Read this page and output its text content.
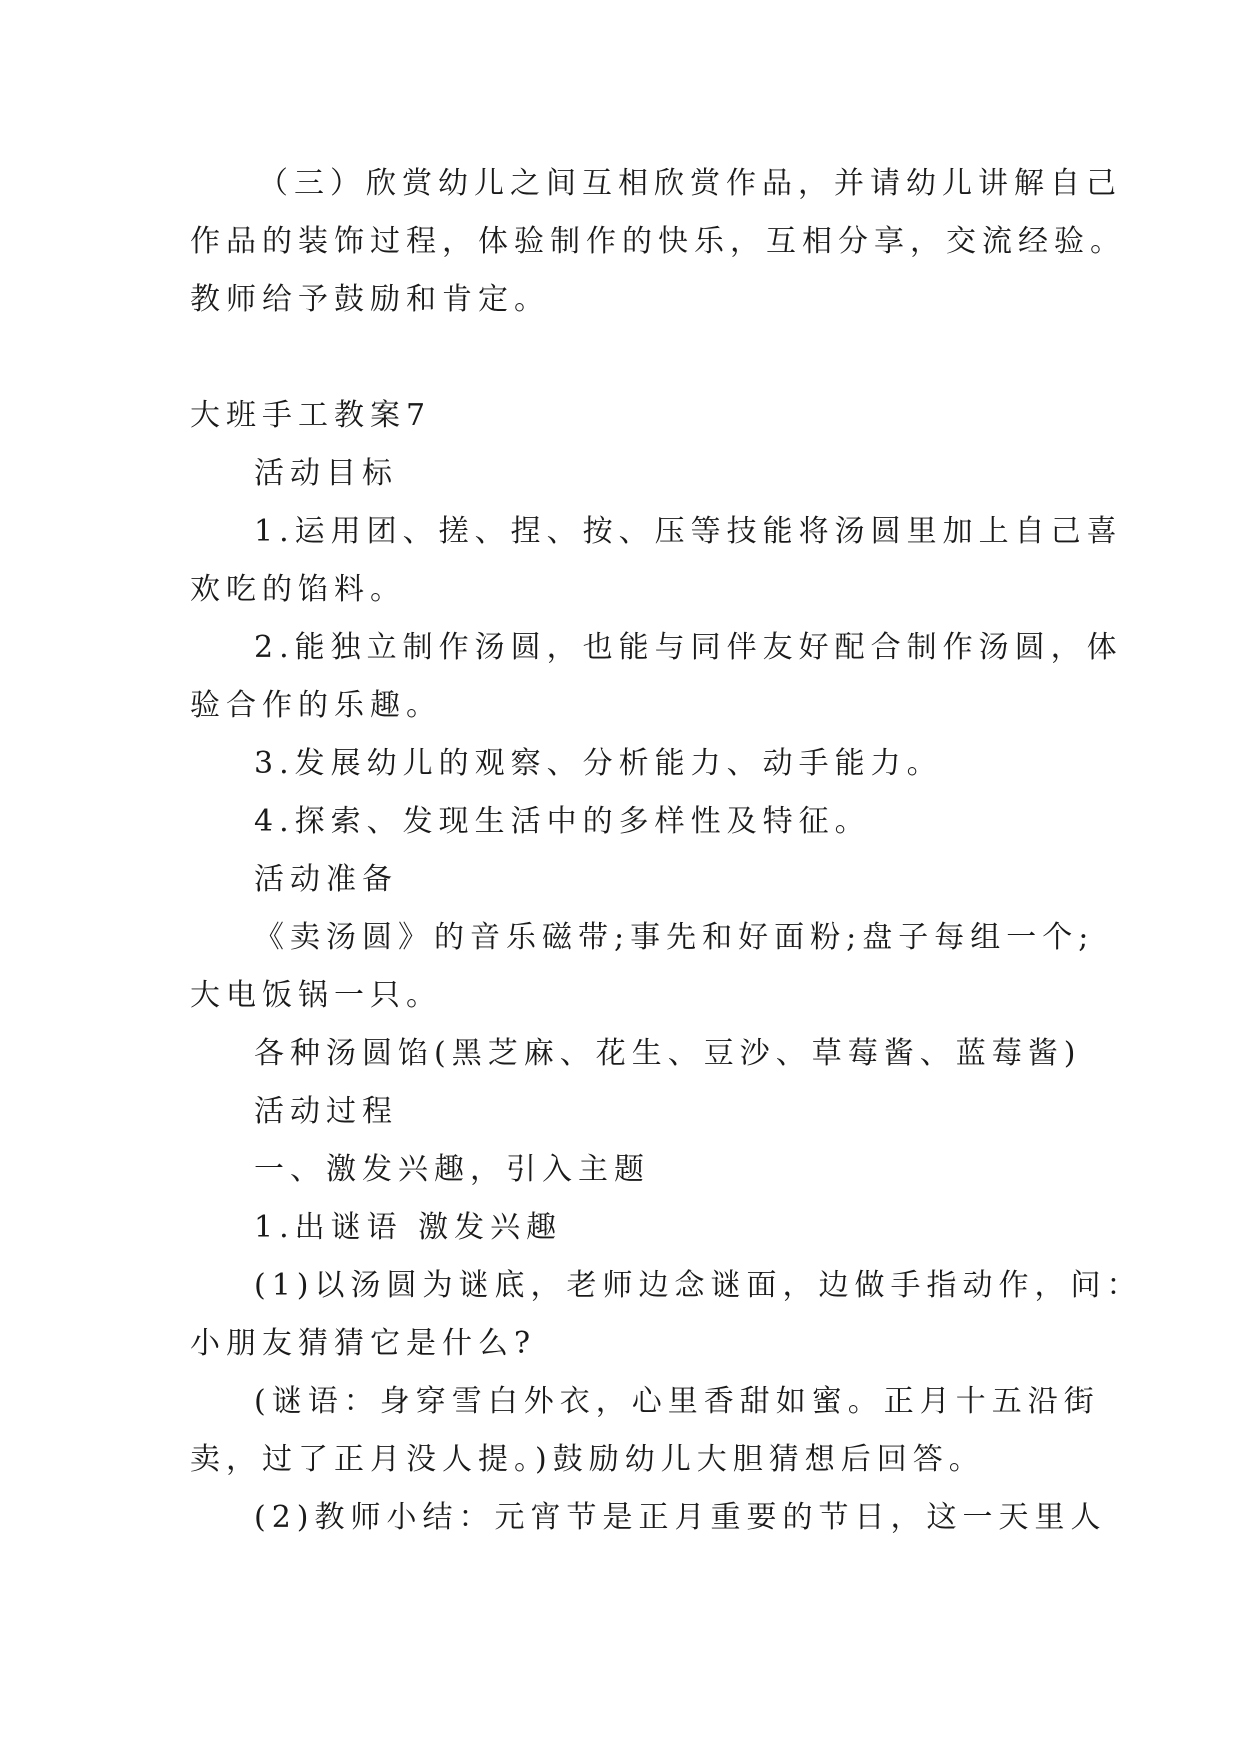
（三）欣赏幼儿之间互相欣赏作品，并请幼儿讲解自己
作品的装饰过程，体验制作的快乐，互相分享，交流经验。
教师给予鼓励和肯定。
大班手工教案7
活动目标
1.运用团、搓、捏、按、压等技能将汤圆里加上自己喜
欢吃的馅料。
2.能独立制作汤圆，也能与同伴友好配合制作汤圆，体
验合作的乐趣。
3.发展幼儿的观察、分析能力、动手能力。
4.探索、发现生活中的多样性及特征。
活动准备
《卖汤圆》的音乐磁带;事先和好面粉;盘子每组一个;
大电饭锅一只。
各种汤圆馅(黑芝麻、花生、豆沙、草莓酱、蓝莓酱)
活动过程
一、激发兴趣，引入主题
1.出谜语 激发兴趣
(1)以汤圆为谜底，老师边念谜面，边做手指动作，问：
小朋友猜猜它是什么?
(谜语：身穿雪白外衣，心里香甜如蜜。正月十五沿街
卖，过了正月没人提。)鼓励幼儿大胆猜想后回答。
(2)教师小结：元宵节是正月重要的节日，这一天里人
